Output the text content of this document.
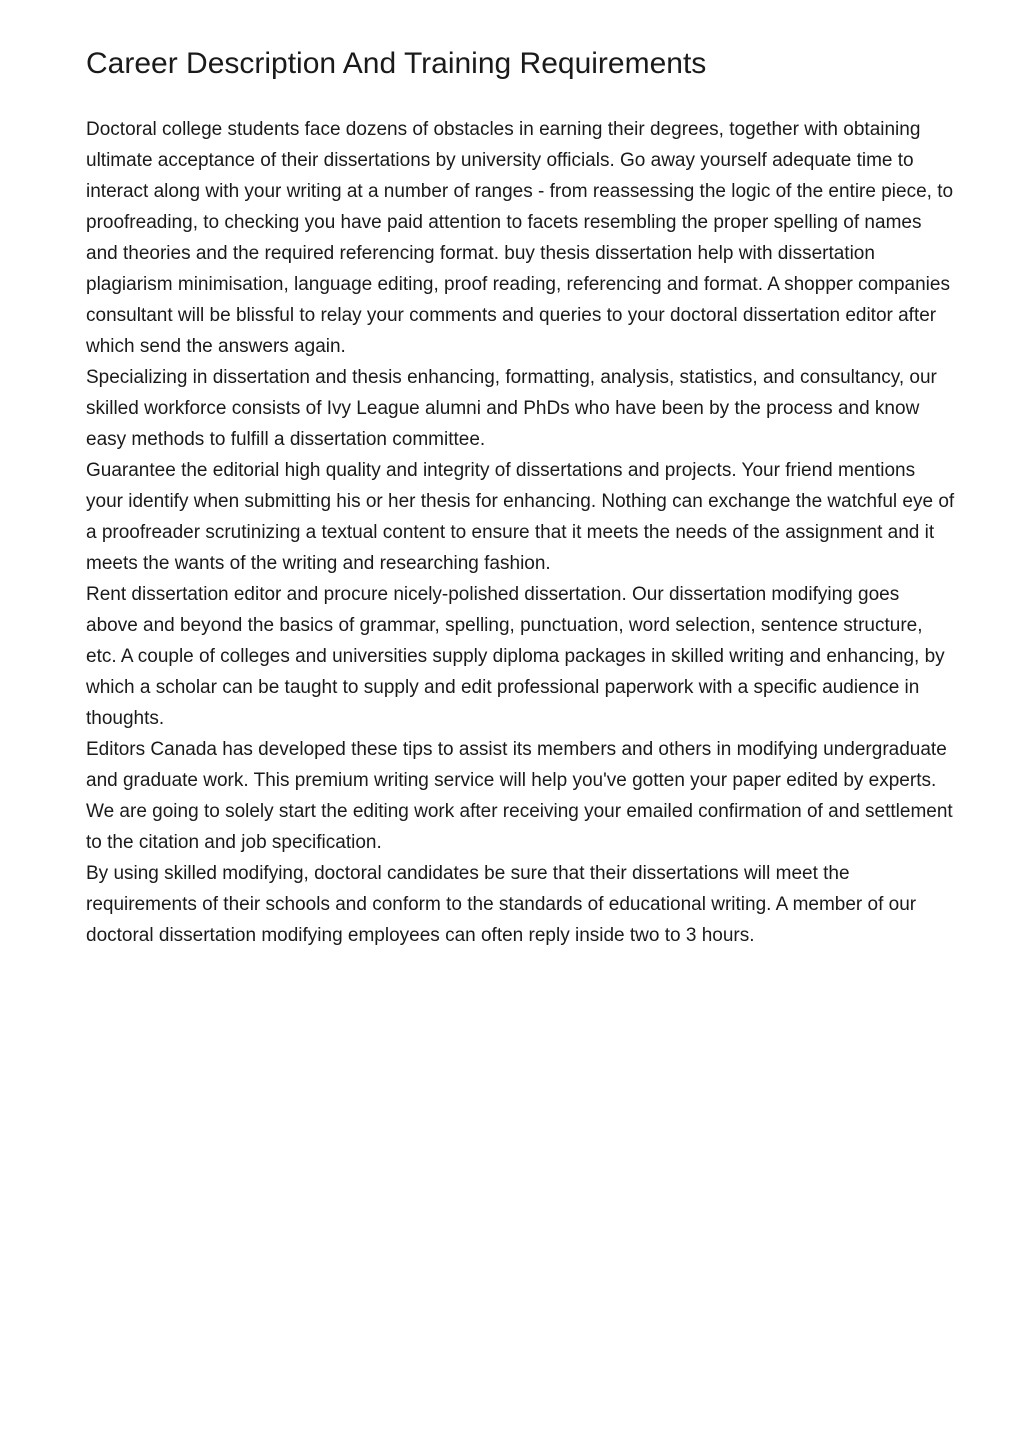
Career Description And Training Requirements

Doctoral college students face dozens of obstacles in earning their degrees, together with obtaining ultimate acceptance of their dissertations by university officials. Go away yourself adequate time to interact along with your writing at a number of ranges - from reassessing the logic of the entire piece, to proofreading, to checking you have paid attention to facets resembling the proper spelling of names and theories and the required referencing format. buy thesis dissertation help with dissertation plagiarism minimisation, language editing, proof reading, referencing and format. A shopper companies consultant will be blissful to relay your comments and queries to your doctoral dissertation editor after which send the answers again.

Specializing in dissertation and thesis enhancing, formatting, analysis, statistics, and consultancy, our skilled workforce consists of Ivy League alumni and PhDs who have been by the process and know easy methods to fulfill a dissertation committee.

Guarantee the editorial high quality and integrity of dissertations and projects. Your friend mentions your identify when submitting his or her thesis for enhancing. Nothing can exchange the watchful eye of a proofreader scrutinizing a textual content to ensure that it meets the needs of the assignment and it meets the wants of the writing and researching fashion.

Rent dissertation editor and procure nicely-polished dissertation. Our dissertation modifying goes above and beyond the basics of grammar, spelling, punctuation, word selection, sentence structure, etc. A couple of colleges and universities supply diploma packages in skilled writing and enhancing, by which a scholar can be taught to supply and edit professional paperwork with a specific audience in thoughts.

Editors Canada has developed these tips to assist its members and others in modifying undergraduate and graduate work. This premium writing service will help you've gotten your paper edited by experts. We are going to solely start the editing work after receiving your emailed confirmation of and settlement to the citation and job specification.

By using skilled modifying, doctoral candidates be sure that their dissertations will meet the requirements of their schools and conform to the standards of educational writing. A member of our doctoral dissertation modifying employees can often reply inside two to 3 hours.
